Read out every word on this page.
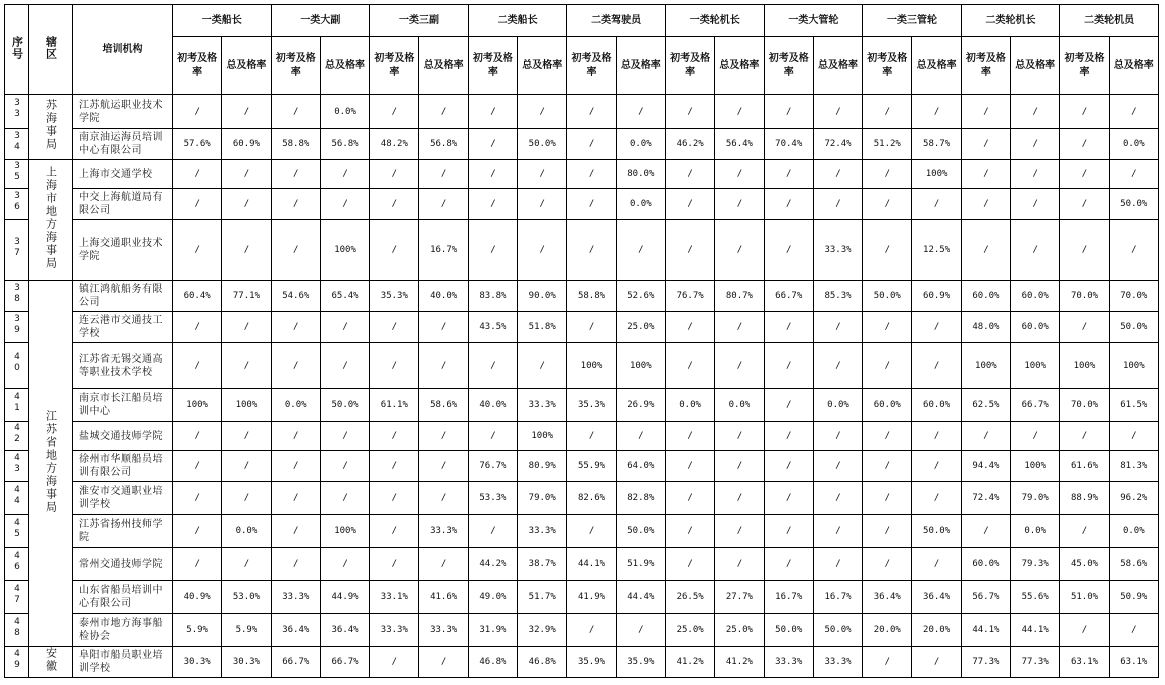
序号	辖区	培训机构	一类船长		一类大副		一类三副		二类船长		二类驾驶员		一类轮机长		一类大管轮		一类三管轮		二类轮机长		二类轮机员	
			初考及格率	总及格率	初考及格率	总及格率	初考及格率	总及格率	初考及格率	总及格率	初考及格率	总及格率	初考及格率	总及格率	初考及格率	总及格率	初考及格率	总及格率	初考及格率	总及格率	初考及格率	总及格率
33	苏海事局	江苏航运职业技术学院	/	/	/	0.0%	/	/	/	/	/	/	/	/	/	/	/	/	/	/	/	/
34		南京油运海员培训中心有限公司	57.6%	60.9%	58.8%	56.8%	48.2%	56.8%	/	50.0%	/	0.0%	46.2%	56.4%	70.4%	72.4%	51.2%	58.7%	/	/	/	0.0%
35	上海市地方海事局	上海市交通学校	/	/	/	/	/	/	/	/	/	80.0%	/	/	/	/	/	100%	/	/	/	/
36		中交上海航道局有限公司	/	/	/	/	/	/	/	/	/	0.0%	/	/	/	/	/	/	/	/	/	50.0%
37		上海交通职业技术学院	/	/	/	100%	/	16.7%	/	/	/	/	/	/	/	33.3%	/	12.5%	/	/	/	/
38	江苏省地方海事局	镇江鸿航船务有限公司	60.4%	77.1%	54.6%	65.4%	35.3%	40.0%	83.8%	90.0%	58.8%	52.6%	76.7%	80.7%	66.7%	85.3%	50.0%	60.9%	60.0%	60.0%	70.0%	70.0%
39		连云港市交通技工学校	/	/	/	/	/	/	43.5%	51.8%	/	25.0%	/	/	/	/	/	/	48.0%	60.0%	/	50.0%
40		江苏省无锡交通高等职业技术学校	/	/	/	/	/	/	/	/	100%	100%	/	/	/	/	/	/	100%	100%	100%	100%
41		南京市长江船员培训中心	100%	100%	0.0%	50.0%	61.1%	58.6%	40.0%	33.3%	35.3%	26.9%	0.0%	0.0%	/	0.0%	60.0%	60.0%	62.5%	66.7%	70.0%	61.5%
42		盐城交通技师学院	/	/	/	/	/	/	/	100%	/	/	/	/	/	/	/	/	/	/	/	/
43		徐州市华顺船员培训有限公司	/	/	/	/	/	/	76.7%	80.9%	55.9%	64.0%	/	/	/	/	/	/	94.4%	100%	61.6%	81.3%
44		淮安市交通职业培训学校	/	/	/	/	/	/	53.3%	79.0%	82.6%	82.8%	/	/	/	/	/	/	72.4%	79.0%	88.9%	96.2%
45		江苏省扬州技师学院	/	0.0%	/	100%	/	33.3%	/	33.3%	/	50.0%	/	/	/	/	/	50.0%	/	0.0%	/	0.0%
46		常州交通技师学院	/	/	/	/	/	/	44.2%	38.7%	44.1%	51.9%	/	/	/	/	/	/	60.0%	79.3%	45.0%	58.6%
47		山东省船员培训中心有限公司	40.9%	53.0%	33.3%	44.9%	33.1%	41.6%	49.0%	51.7%	41.9%	44.4%	26.5%	27.7%	16.7%	16.7%	36.4%	36.4%	56.7%	55.6%	51.0%	50.9%
48		泰州市地方海事船检协会	5.9%	5.9%	36.4%	36.4%	33.3%	33.3%	31.9%	32.9%	/	/	25.0%	25.0%	50.0%	50.0%	20.0%	20.0%	44.1%	44.1%	/	/
49	安徽	阜阳市船员职业培训学校	30.3%	30.3%	66.7%	66.7%	/	/	46.8%	46.8%	35.9%	35.9%	41.2%	41.2%	33.3%	33.3%	/	/	77.3%	77.3%	63.1%	63.1%
